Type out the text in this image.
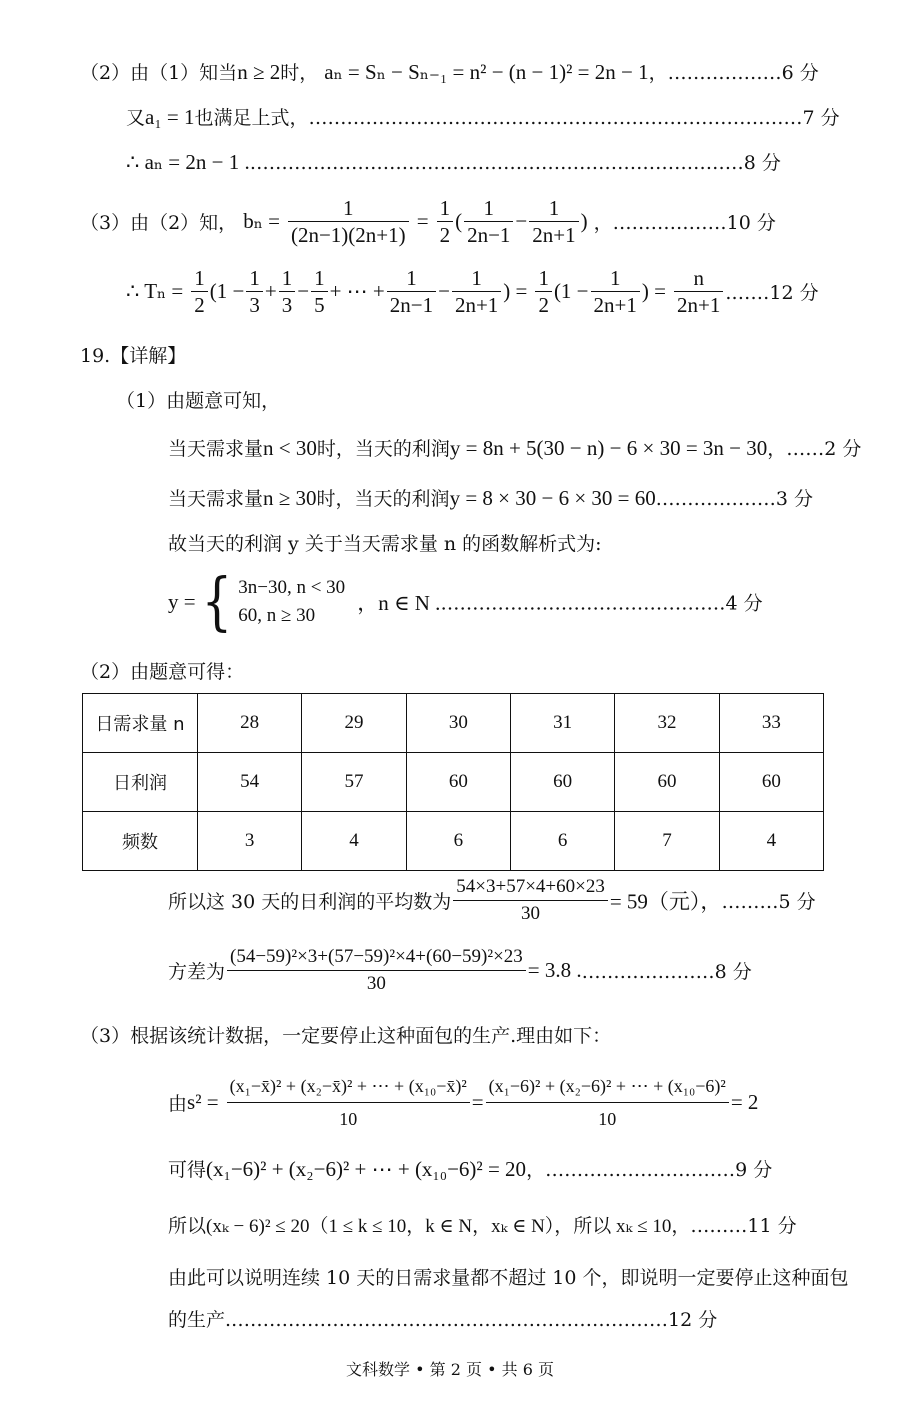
（2）由（1）知当n ≥ 2时， aₙ = Sₙ − Sₙ₋₁ = n² − (n − 1)² = 2n − 1，………………6 分
又a₁ = 1也满足上式，……………………………………………………………………7 分
∴ aₙ = 2n − 1 .……………………………………………………………………8 分
（3）由（2）知， $b_n = \frac{1}{(2n-1)(2n+1)} = \frac{1}{2}$ ( $\frac{1}{2n-1} - \frac{1}{2n+1}$ ) ，………………10 分
∴ $T_n = \frac{1}{2} (1 - \frac{1}{3} + \frac{1}{3} - \frac{1}{5}$ + ⋯ + $\frac{1}{2n-1} - \frac{1}{2n+1}$ ) = $\frac{1}{2} (1 - \frac{1}{2n+1}$ ) = $\frac{n}{2n+1}$ .……12 分
19.【详解】
（1）由题意可知，
当天需求量n < 30时，当天的利润y = 8n + 5(30 − n) − 6 × 30 = 3n − 30，……2 分
当天需求量n ≥ 30时，当天的利润y = 8 × 30 − 6 × 30 = 60.………………3 分
故当天的利润 y 关于当天需求量 n 的函数解析式为:
y = { 3n−30, n < 30
60, n ≥ 30
，n ∈ N .………………………………………4 分
（2）由题意可得：
日需求量 n	28	29	30	31	32	33
日利润	54	57	60	60	60	60
频数	3	4	6	6	7	4
所以这 30 天的日利润的平均数为 $\frac{54\times 3+57\times 4+60\times 23}{30} = 59$（元），………5 分
方差为 $\frac{\text{(54−59)²×3+(57−59)²×4+(60−59)²×23}}{30} = 3.8$ .…………………8 分
（3）根据该统计数据，一定要停止这种面包的生产.理由如下：
由$s^2 = \frac{\text{(x₁−x̄)² + (x₂−x̄)² + ⋯ + (x₁₀−x̄)²}}{10} = \frac{\text{(x₁−6)² + (x₂−6)² + ⋯ + (x₁₀−6)²}}{10} = 2$
可得(x₁−6)² + (x₂−6)² + ⋯ + (x₁₀−6)² = 20，…………………………9 分
所以(xₖ − 6)² ≤ 20（1 ≤ k ≤ 10，k ∈ N，xₖ ∈ N），所以 xₖ ≤ 10，………11 分
由此可以说明连续 10 天的日需求量都不超过 10 个，即说明一定要停止这种面包
的生产.……………………………………………………………12 分
文科数学 • 第 2 页 • 共 6 页
